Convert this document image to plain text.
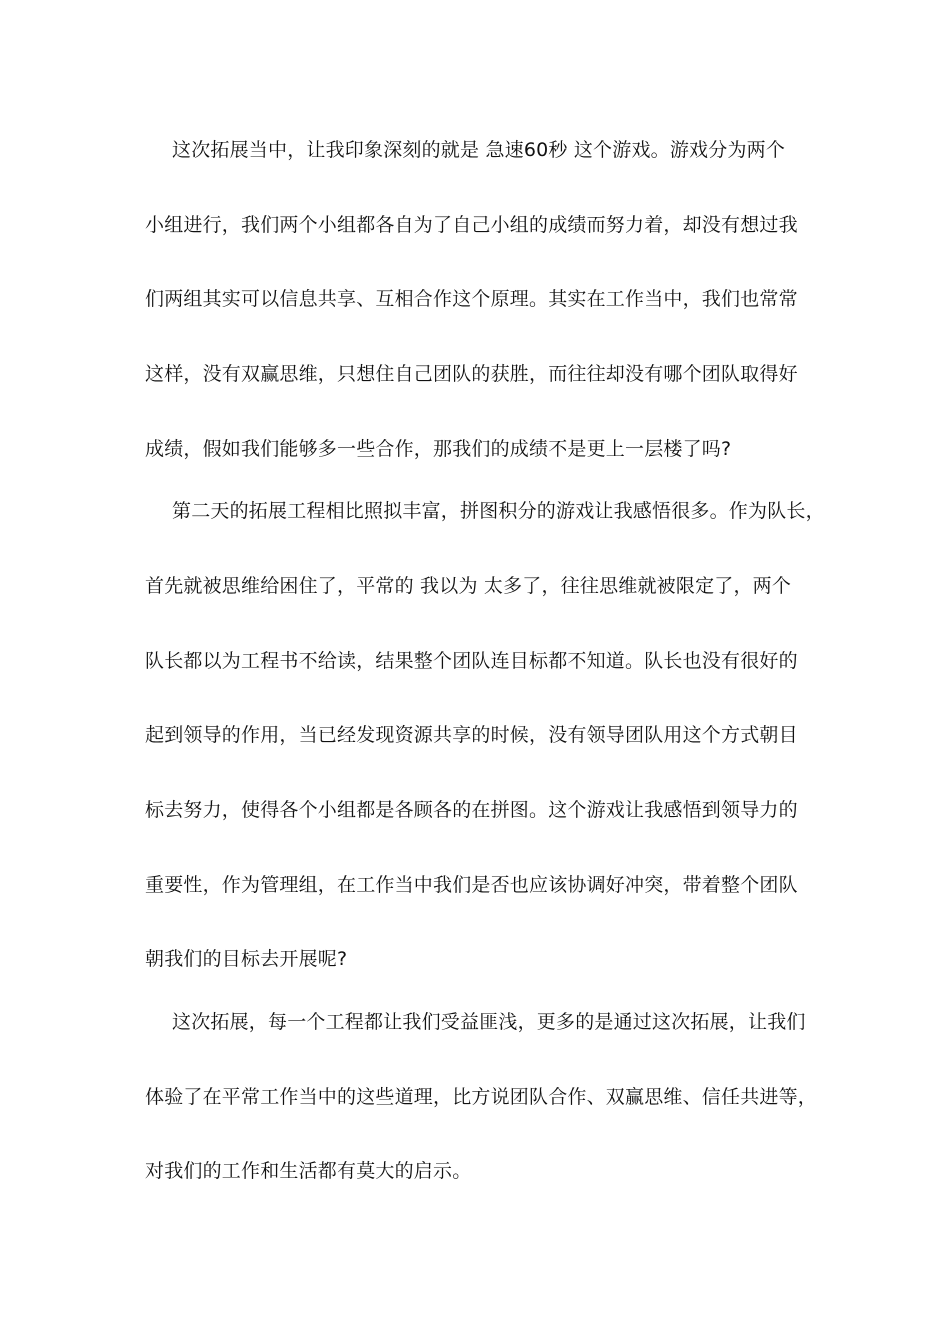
这次拓展当中，让我印象深刻的就是 急速60秒 这个游戏。游戏分为两个
小组进行，我们两个小组都各自为了自己小组的成绩而努力着，却没有想过我
们两组其实可以信息共享、互相合作这个原理。其实在工作当中，我们也常常
这样，没有双赢思维，只想住自己团队的获胜，而往往却没有哪个团队取得好
成绩，假如我们能够多一些合作，那我们的成绩不是更上一层楼了吗?
第二天的拓展工程相比照拟丰富，拼图积分的游戏让我感悟很多。作为队长，
首先就被思维给困住了，平常的 我以为 太多了，往往思维就被限定了，两个
队长都以为工程书不给读，结果整个团队连目标都不知道。队长也没有很好的
起到领导的作用，当已经发现资源共享的时候，没有领导团队用这个方式朝目
标去努力，使得各个小组都是各顾各的在拼图。这个游戏让我感悟到领导力的
重要性，作为管理组，在工作当中我们是否也应该协调好冲突，带着整个团队
朝我们的目标去开展呢?
这次拓展，每一个工程都让我们受益匪浅，更多的是通过这次拓展，让我们
体验了在平常工作当中的这些道理，比方说团队合作、双赢思维、信任共进等，
对我们的工作和生活都有莫大的启示。
